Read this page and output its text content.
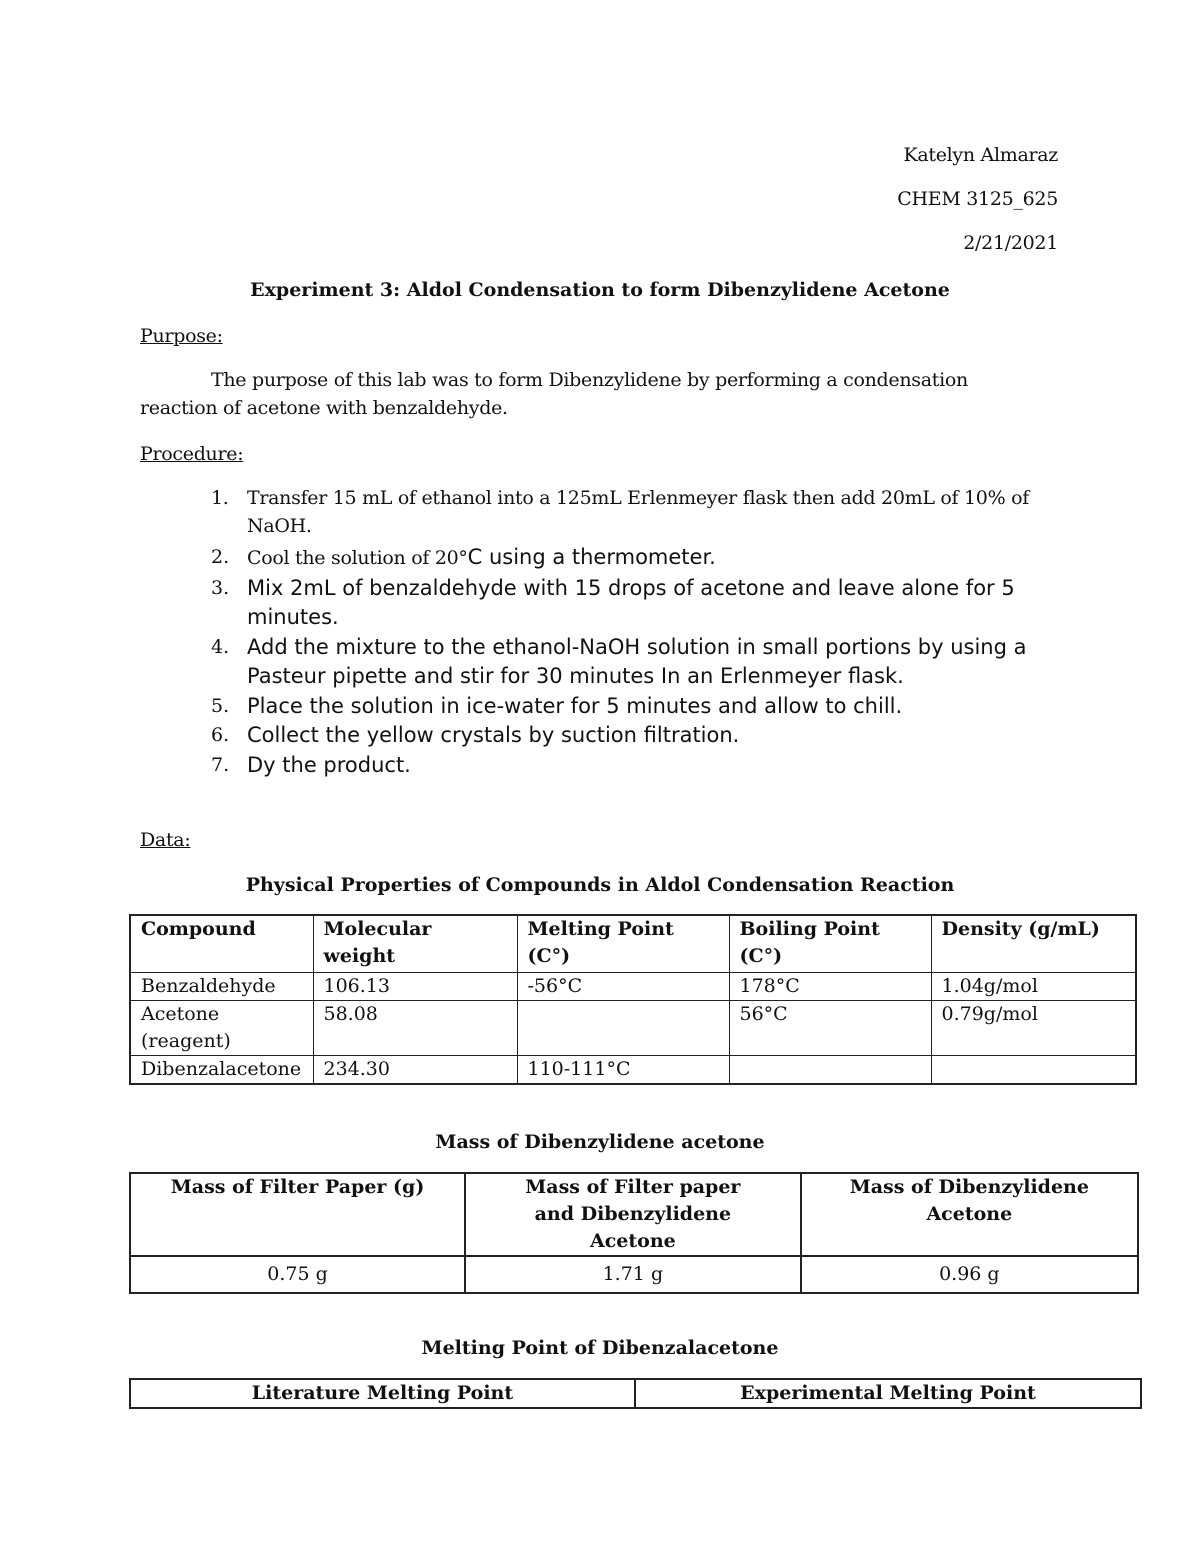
Katelyn Almaraz
CHEM 3125_625
2/21/2021
Experiment 3: Aldol Condensation to form Dibenzylidene Acetone
Purpose:
The purpose of this lab was to form Dibenzylidene by performing a condensation
reaction of acetone with benzaldehyde.
Procedure:
1. Transfer 15 mL of ethanol into a 125mL Erlenmeyer flask then add 20mL of 10% of NaOH.
2. Cool the solution of 20°C using a thermometer.
3. Mix 2mL of benzaldehyde with 15 drops of acetone and leave alone for 5 minutes.
4. Add the mixture to the ethanol-NaOH solution in small portions by using a Pasteur pipette and stir for 30 minutes In an Erlenmeyer flask.
5. Place the solution in ice-water for 5 minutes and allow to chill.
6. Collect the yellow crystals by suction filtration.
7. Dy the product.
Data:
Physical Properties of Compounds in Aldol Condensation Reaction
Compound	Molecular weight	Melting Point (C°)	Boiling Point (C°)	Density (g/mL)
Benzaldehyde	106.13	-56°C	178°C	1.04g/mol
Acetone (reagent)	58.08		56°C	0.79g/mol
Dibenzalacetone	234.30	110-111°C		
Mass of Dibenzylidene acetone
Mass of Filter Paper (g)	Mass of Filter paper and Dibenzylidene Acetone	Mass of Dibenzylidene Acetone
0.75 g	1.71 g	0.96 g
Melting Point of Dibenzalacetone
Literature Melting Point	Experimental Melting Point
